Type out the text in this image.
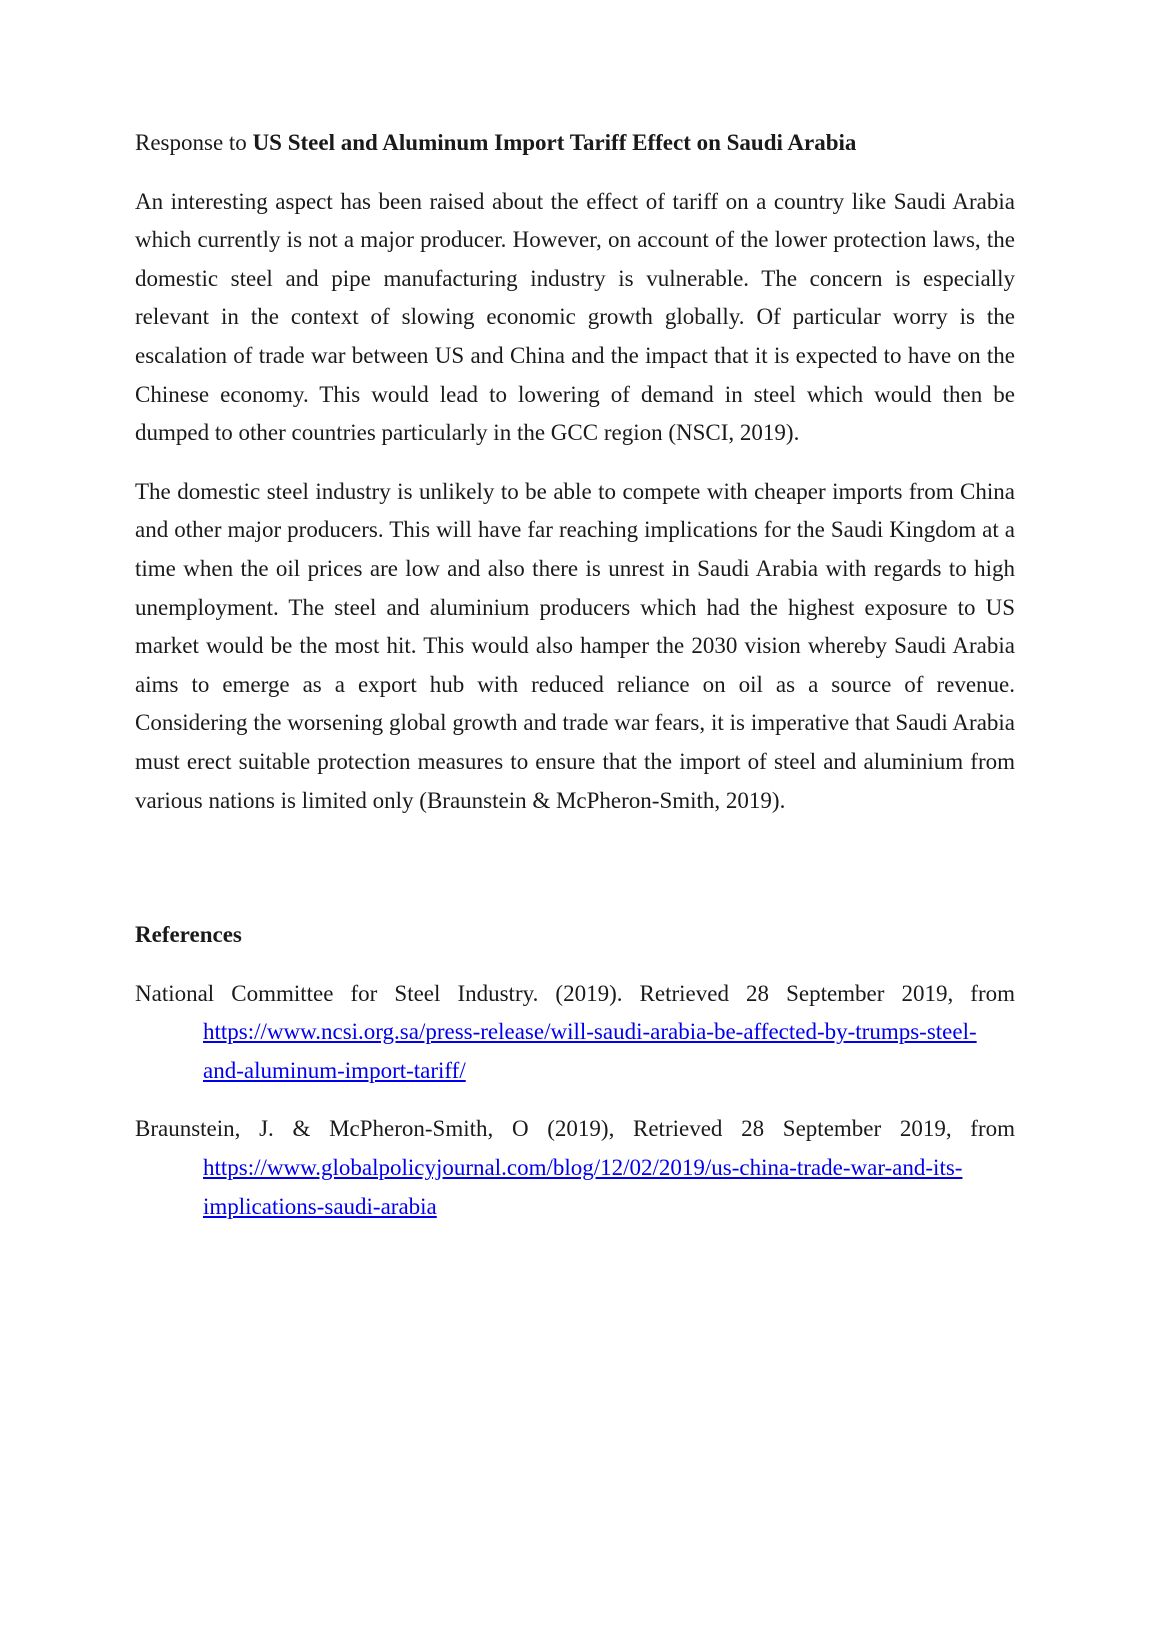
Response to US Steel and Aluminum Import Tariff Effect on Saudi Arabia

An interesting aspect has been raised about the effect of tariff on a country like Saudi Arabia which currently is not a major producer. However, on account of the lower protection laws, the domestic steel and pipe manufacturing industry is vulnerable. The concern is especially relevant in the context of slowing economic growth globally. Of particular worry is the escalation of trade war between US and China and the impact that it is expected to have on the Chinese economy. This would lead to lowering of demand in steel which would then be dumped to other countries particularly in the GCC region (NSCI, 2019).

The domestic steel industry is unlikely to be able to compete with cheaper imports from China and other major producers. This will have far reaching implications for the Saudi Kingdom at a time when the oil prices are low and also there is unrest in Saudi Arabia with regards to high unemployment. The steel and aluminium producers which had the highest exposure to US market would be the most hit. This would also hamper the 2030 vision whereby Saudi Arabia aims to emerge as a export hub with reduced reliance on oil as a source of revenue. Considering the worsening global growth and trade war fears, it is imperative that Saudi Arabia must erect suitable protection measures to ensure that the import of steel and aluminium from various nations is limited only (Braunstein & McPheron-Smith, 2019).

References
National Committee for Steel Industry. (2019). Retrieved 28 September 2019, from https://www.ncsi.org.sa/press-release/will-saudi-arabia-be-affected-by-trumps-steel-and-aluminum-import-tariff/
Braunstein, J. & McPheron-Smith, O (2019), Retrieved 28 September 2019, from https://www.globalpolicyjournal.com/blog/12/02/2019/us-china-trade-war-and-its-implications-saudi-arabia
